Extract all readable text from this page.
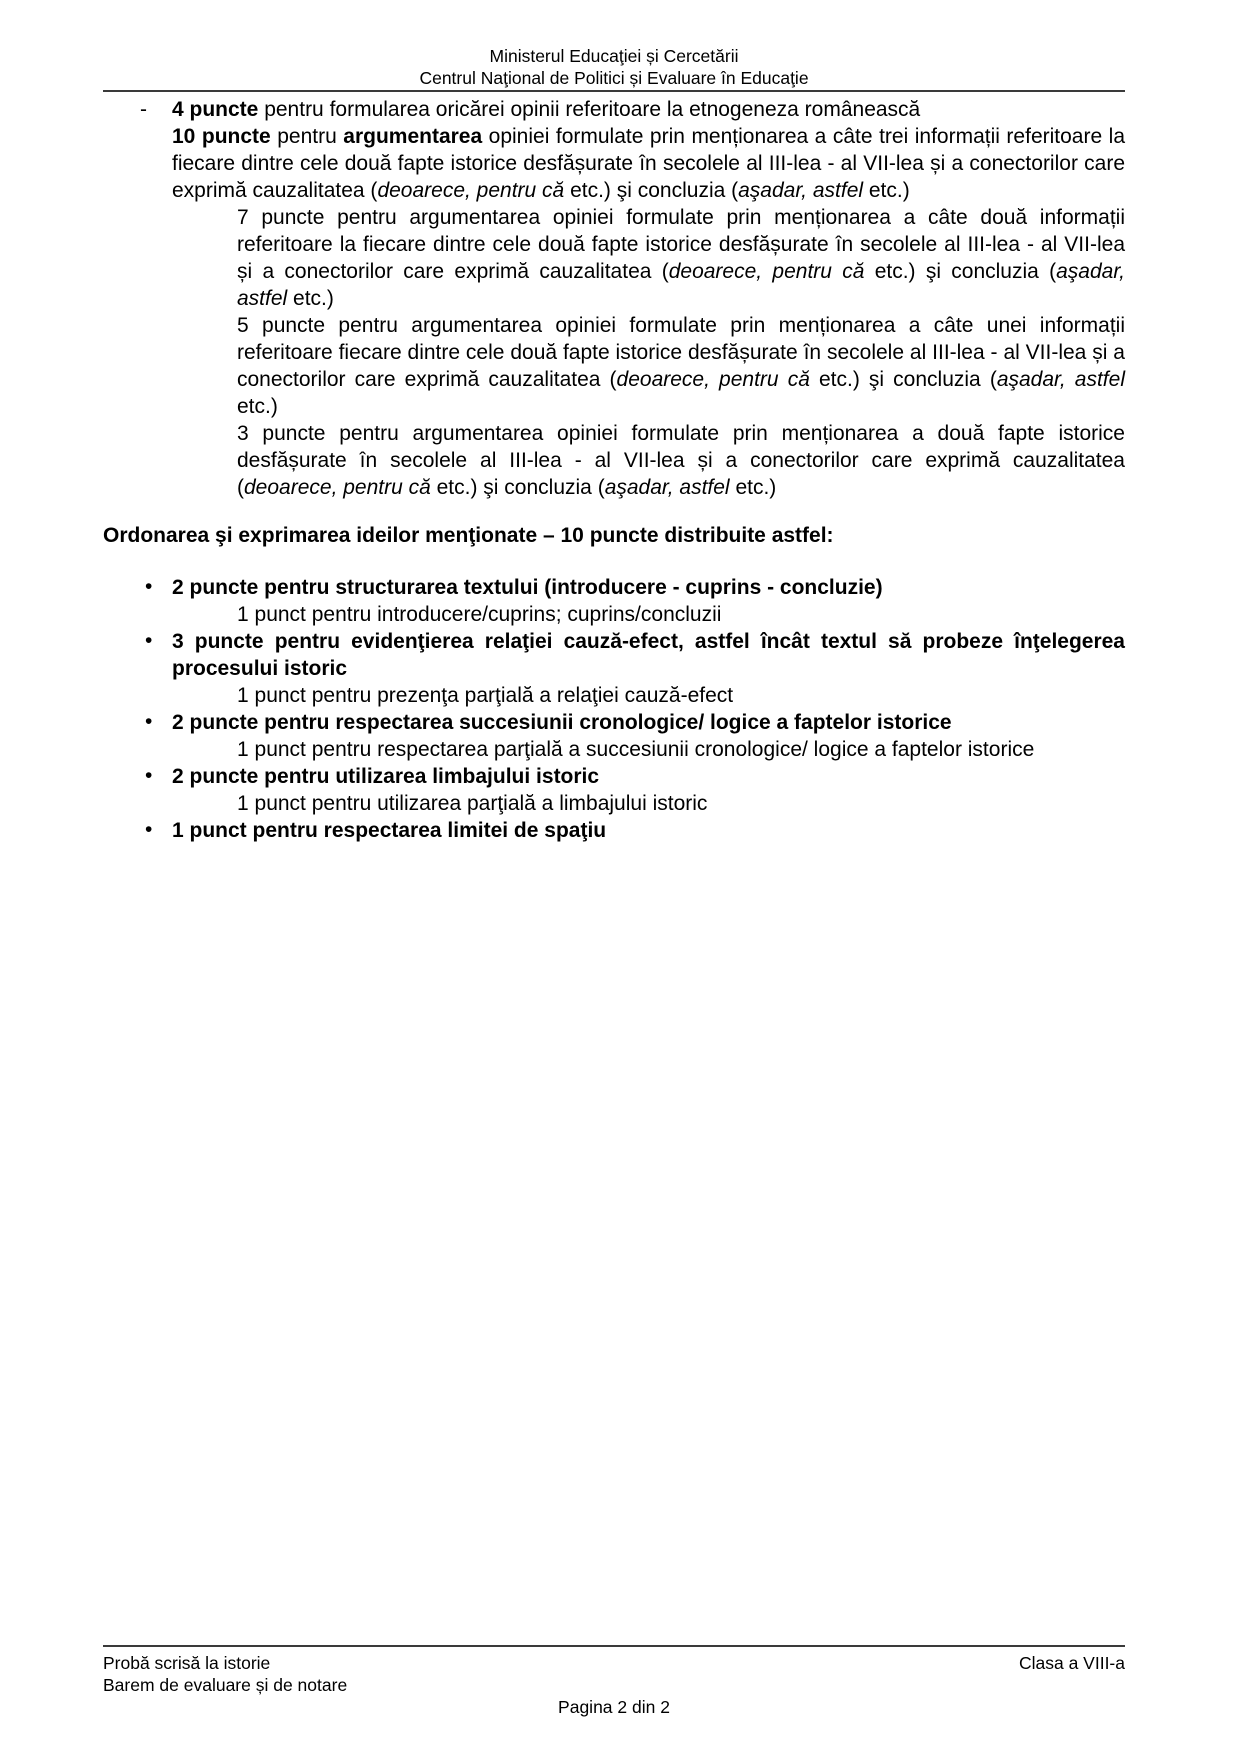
Ministerul Educaţiei și Cercetării
Centrul Naţional de Politici și Evaluare în Educaţie
- 4 puncte pentru formularea oricărei opinii referitoare la etnogeneza românească

10 puncte pentru argumentarea opiniei formulate prin menționarea a câte trei informații referitoare la fiecare dintre cele două fapte istorice desfășurate în secolele al III-lea - al VII-lea și a conectorilor care exprimă cauzalitatea (deoarece, pentru că etc.) şi concluzia (aşadar, astfel etc.)

7 puncte pentru argumentarea opiniei formulate prin menționarea a câte două informații referitoare la fiecare dintre cele două fapte istorice desfășurate în secolele al III-lea - al VII-lea și a conectorilor care exprimă cauzalitatea (deoarece, pentru că etc.) şi concluzia (aşadar, astfel etc.)

5 puncte pentru argumentarea opiniei formulate prin menționarea a câte unei informații referitoare fiecare dintre cele două fapte istorice desfășurate în secolele al III-lea - al VII-lea și a conectorilor care exprimă cauzalitatea (deoarece, pentru că etc.) şi concluzia (aşadar, astfel etc.)

3 puncte pentru argumentarea opiniei formulate prin menționarea a două fapte istorice desfășurate în secolele al III-lea - al VII-lea și a conectorilor care exprimă cauzalitatea (deoarece, pentru că etc.) şi concluzia (aşadar, astfel etc.)

Ordonarea şi exprimarea ideilor menţionate – 10 puncte distribuite astfel:

• 2 puncte pentru structurarea textului (introducere - cuprins - concluzie)

1 punct pentru introducere/cuprins; cuprins/concluzii

• 3 puncte pentru evidenţierea relaţiei cauză-efect, astfel încât textul să probeze înţelegerea procesului istoric

1 punct pentru prezenţa parţială a relaţiei cauză-efect

• 2 puncte pentru respectarea succesiunii cronologice/ logice a faptelor istorice

1 punct pentru respectarea parţială a succesiunii cronologice/ logice a faptelor istorice

• 2 puncte pentru utilizarea limbajului istoric

1 punct pentru utilizarea parţială a limbajului istoric

• 1 punct pentru respectarea limitei de spaţiu

Probă scrisă la istorie
Barem de evaluare și de notare
Clasa a VIII-a
Pagina 2 din 2
